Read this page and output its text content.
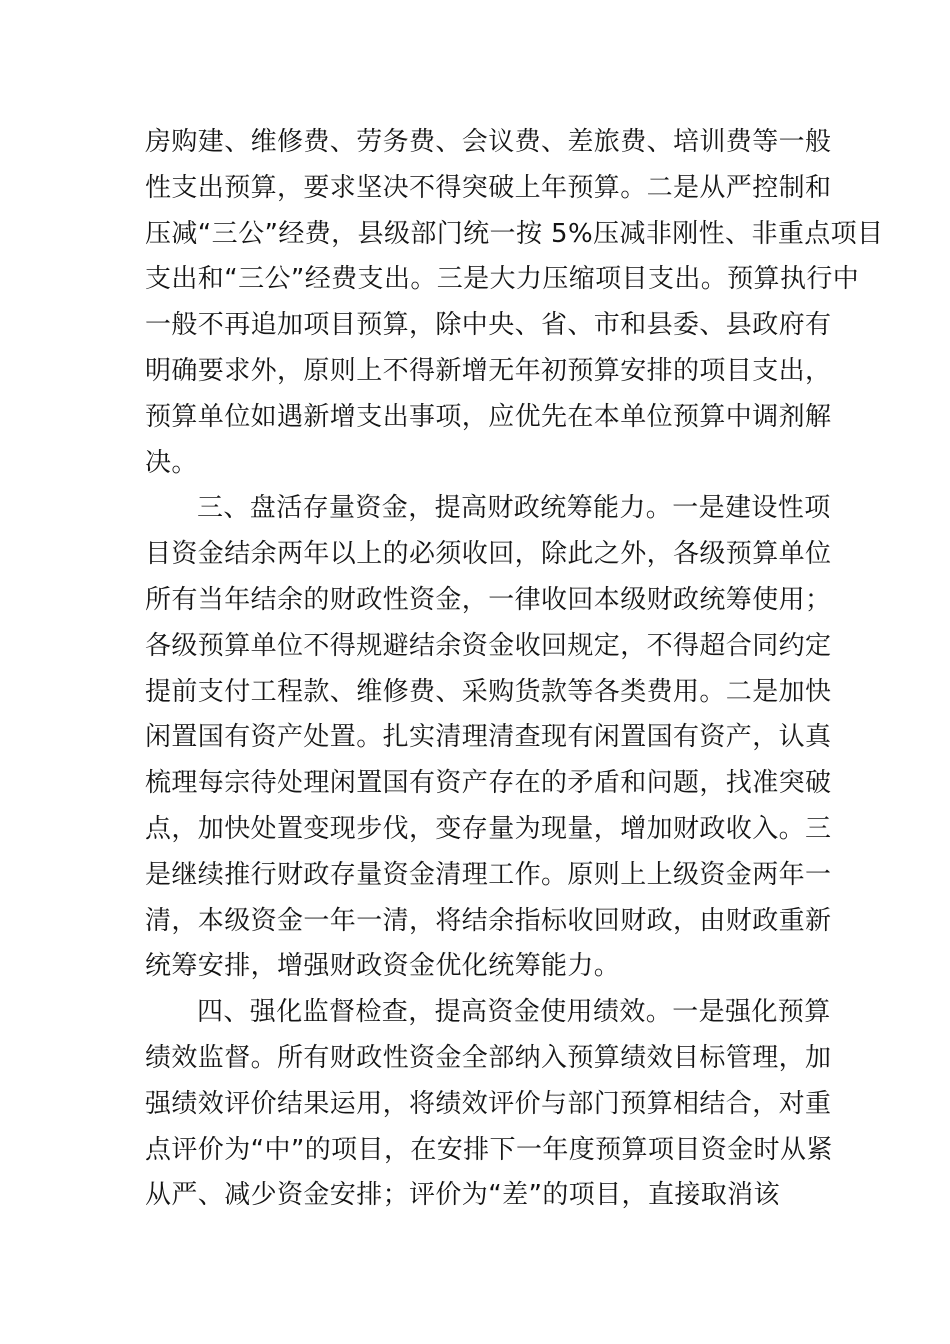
房购建、维修费、劳务费、会议费、差旅费、培训费等一般
性支出预算，要求坚决不得突破上年预算。二是从严控制和
压减“三公”经费，县级部门统一按 5%压减非刚性、非重点项目
支出和“三公”经费支出。三是大力压缩项目支出。预算执行中
一般不再追加项目预算，除中央、省、市和县委、县政府有
明确要求外，原则上不得新增无年初预算安排的项目支出，
预算单位如遇新增支出事项，应优先在本单位预算中调剂解
决。
三、盘活存量资金，提高财政统筹能力。一是建设性项
目资金结余两年以上的必须收回，除此之外，各级预算单位
所有当年结余的财政性资金，一律收回本级财政统筹使用；
各级预算单位不得规避结余资金收回规定，不得超合同约定
提前支付工程款、维修费、采购货款等各类费用。二是加快
闲置国有资产处置。扎实清理清查现有闲置国有资产，认真
梳理每宗待处理闲置国有资产存在的矛盾和问题，找准突破
点，加快处置变现步伐，变存量为现量，增加财政收入。三
是继续推行财政存量资金清理工作。原则上上级资金两年一
清，本级资金一年一清，将结余指标收回财政，由财政重新
统筹安排，增强财政资金优化统筹能力。
四、强化监督检查，提高资金使用绩效。一是强化预算
绩效监督。所有财政性资金全部纳入预算绩效目标管理，加
强绩效评价结果运用，将绩效评价与部门预算相结合，对重
点评价为“中”的项目，在安排下一年度预算项目资金时从紧
从严、减少资金安排；评价为“差”的项目，直接取消该
